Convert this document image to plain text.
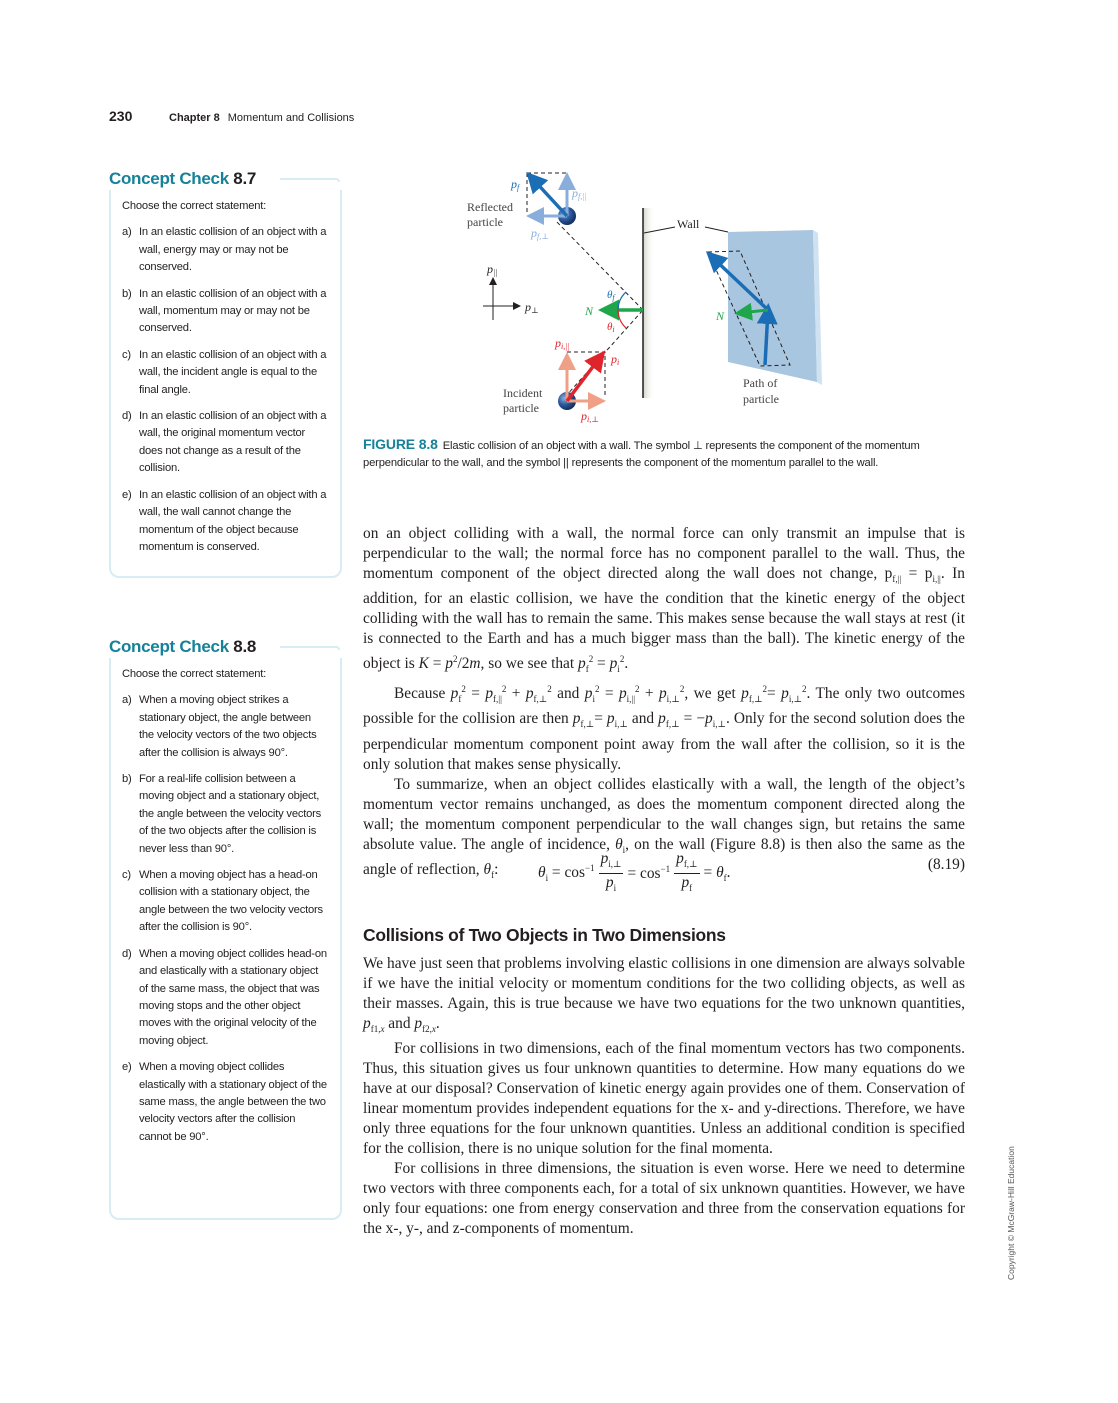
230	Chapter 8 Momentum and Collisions
Concept Check 8.7
Choose the correct statement:
a) In an elastic collision of an object with a wall, energy may or may not be conserved.
b) In an elastic collision of an object with a wall, momentum may or may not be conserved.
c) In an elastic collision of an object with a wall, the incident angle is equal to the final angle.
d) In an elastic collision of an object with a wall, the original momentum vector does not change as a result of the collision.
e) In an elastic collision of an object with a wall, the wall cannot change the momentum of the object because momentum is conserved.
Concept Check 8.8
Choose the correct statement:
a) When a moving object strikes a stationary object, the angle between the velocity vectors of the two objects after the collision is always 90°.
b) For a real-life collision between a moving object and a stationary object, the angle between the velocity vectors of the two objects after the collision is never less than 90°.
c) When a moving object has a head-on collision with a stationary object, the angle between the two velocity vectors after the collision is 90°.
d) When a moving object collides head-on and elastically with a stationary object of the same mass, the object that was moving stops and the other object moves with the original velocity of the moving object.
e) When a moving object collides elastically with a stationary object of the same mass, the angle between the two velocity vectors after the collision cannot be 90°.
Wall
pf	pf,||
pf,⊥
Reflected
particle
p||
p⊥	N
θf
θi
pi,||
pi
pi,⊥
Incident
particle
N
Path of
particle
FIGURE 8.8 Elastic collision of an object with a wall. The symbol ⊥ represents the component of the momentum perpendicular to the wall, and the symbol || represents the component of the momentum parallel to the wall.

on an object colliding with a wall, the normal force can only transmit an impulse that is perpendicular to the wall; the normal force has no component parallel to the wall. Thus, the momentum component of the object directed along the wall does not change, $p_{f,||} = p_{i,||}$. In addition, for an elastic collision, we have the condition that the kinetic energy of the object colliding with the wall has to remain the same. This makes sense because the wall stays at rest (it is connected to the Earth and has a much bigger mass than the ball). The kinetic energy of the object is $K = p^2/2m$, so we see that $p_f^2 = p_i^2$.

Because $p_f^2 = p_{f,||}^2 + p_{f,\perp}^2$ and $p_i^2 = p_{i,||}^2 + p_{i,\perp}^2$, we get $p_{f,\perp}^2= p_{i,\perp}^2$. The only two outcomes possible for the collision are then $p_{f,\perp}= p_{i,\perp}$ and $p_{f,\perp} = -p_{i,\perp}$. Only for the second solution does the perpendicular momentum component point away from the wall after the collision, so it is the only solution that makes sense physically.

To summarize, when an object collides elastically with a wall, the length of the object’s momentum vector remains unchanged, as does the momentum component directed along the wall; the momentum component perpendicular to the wall changes sign, but retains the same absolute value. The angle of incidence, $\theta_i$, on the wall (Figure 8.8) is then also the same as the angle of reflection, $\theta_f$:	$\theta_i = \cos^{-1} \frac{p_{i,\perp}}{p_i} = \cos^{-1} \frac{p_{f,\perp}}{p_f} = \theta_f$.	(8.19)
Collisions of Two Objects in Two Dimensions

We have just seen that problems involving elastic collisions in one dimension are always solvable if we have the initial velocity or momentum conditions for the two colliding objects, as well as their masses. Again, this is true because we have two equations for the two unknown quantities, $p_{f1,x}$ and $p_{f2,x}$.

For collisions in two dimensions, each of the final momentum vectors has two components. Thus, this situation gives us four unknown quantities to determine. How many equations do we have at our disposal? Conservation of kinetic energy again provides one of them. Conservation of linear momentum provides independent equations for the x- and y-directions. Therefore, we have only three equations for the four unknown quantities. Unless an additional condition is specified for the collision, there is no unique solution for the final momenta.

For collisions in three dimensions, the situation is even worse. Here we need to determine two vectors with three components each, for a total of six unknown quantities. However, we have only four equations: one from energy conservation and three from the conservation equations for the x-, y-, and z-components of momentum.	Copyright © McGraw-Hill Education
